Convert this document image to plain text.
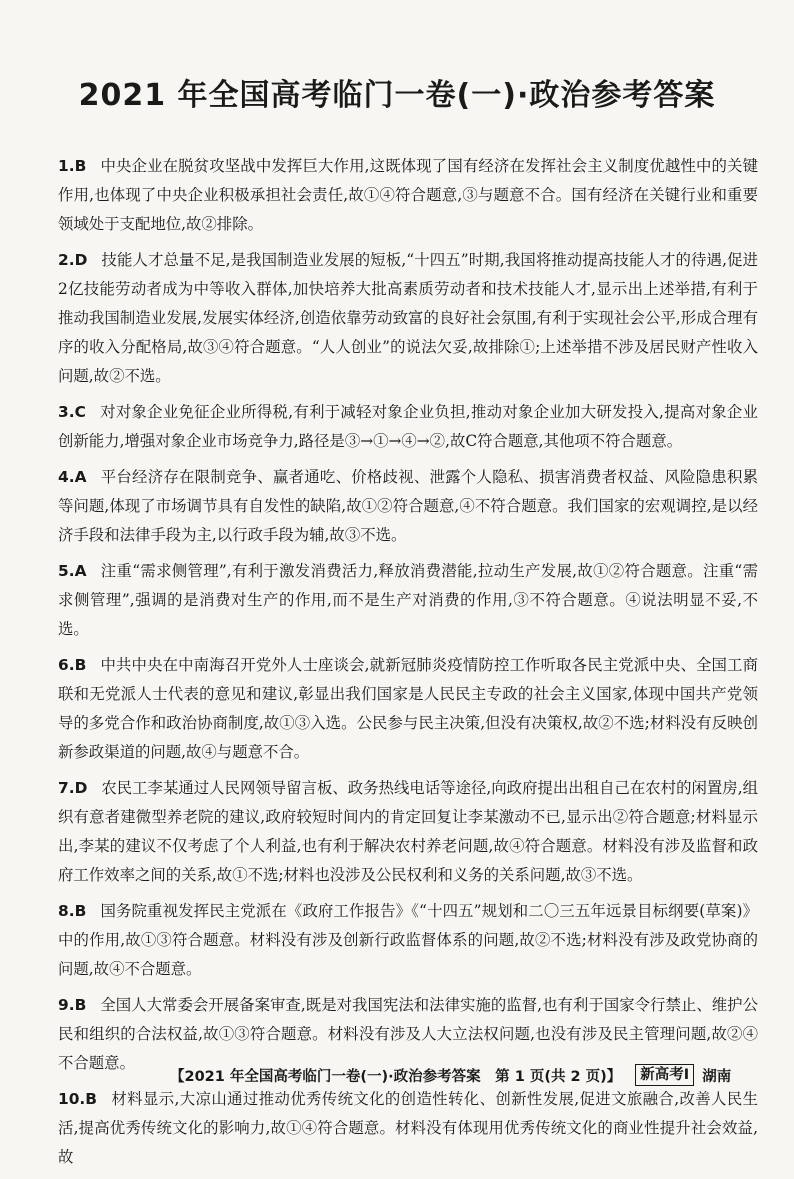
2021 年全国高考临门一卷(一)·政治参考答案
1.B 中央企业在脱贫攻坚战中发挥巨大作用,这既体现了国有经济在发挥社会主义制度优越性中的关键作用,也体现了中央企业积极承担社会责任,故①④符合题意,③与题意不合。国有经济在关键行业和重要领域处于支配地位,故②排除。
2.D 技能人才总量不足,是我国制造业发展的短板,“十四五”时期,我国将推动提高技能人才的待遇,促进2亿技能劳动者成为中等收入群体,加快培养大批高素质劳动者和技术技能人才,显示出上述举措,有利于推动我国制造业发展,发展实体经济,创造依靠劳动致富的良好社会氛围,有利于实现社会公平,形成合理有序的收入分配格局,故③④符合题意。“人人创业”的说法欠妥,故排除①;上述举措不涉及居民财产性收入问题,故②不选。
3.C 对对象企业免征企业所得税,有利于减轻对象企业负担,推动对象企业加大研发投入,提高对象企业创新能力,增强对象企业市场竞争力,路径是③→①→④→②,故C符合题意,其他项不符合题意。
4.A 平台经济存在限制竞争、赢者通吃、价格歧视、泄露个人隐私、损害消费者权益、风险隐患积累等问题,体现了市场调节具有自发性的缺陷,故①②符合题意,④不符合题意。我们国家的宏观调控,是以经济手段和法律手段为主,以行政手段为辅,故③不选。
5.A 注重“需求侧管理”,有利于激发消费活力,释放消费潜能,拉动生产发展,故①②符合题意。注重“需求侧管理”,强调的是消费对生产的作用,而不是生产对消费的作用,③不符合题意。④说法明显不妥,不选。
6.B 中共中央在中南海召开党外人士座谈会,就新冠肺炎疫情防控工作听取各民主党派中央、全国工商联和无党派人士代表的意见和建议,彰显出我们国家是人民民主专政的社会主义国家,体现中国共产党领导的多党合作和政治协商制度,故①③入选。公民参与民主决策,但没有决策权,故②不选;材料没有反映创新参政渠道的问题,故④与题意不合。
7.D 农民工李某通过人民网领导留言板、政务热线电话等途径,向政府提出出租自己在农村的闲置房,组织有意者建微型养老院的建议,政府较短时间内的肯定回复让李某激动不已,显示出②符合题意;材料显示出,李某的建议不仅考虑了个人利益,也有利于解决农村养老问题,故④符合题意。材料没有涉及监督和政府工作效率之间的关系,故①不选;材料也没涉及公民权利和义务的关系问题,故③不选。
8.B 国务院重视发挥民主党派在《政府工作报告》《“十四五”规划和二〇三五年远景目标纲要(草案)》中的作用,故①③符合题意。材料没有涉及创新行政监督体系的问题,故②不选;材料没有涉及政党协商的问题,故④不合题意。
9.B 全国人大常委会开展备案审查,既是对我国宪法和法律实施的监督,也有利于国家令行禁止、维护公民和组织的合法权益,故①③符合题意。材料没有涉及人大立法权问题,也没有涉及民主管理问题,故②④不合题意。
10.B 材料显示,大凉山通过推动优秀传统文化的创造性转化、创新性发展,促进文旅融合,改善人民生活,提高优秀传统文化的影响力,故①④符合题意。材料没有体现用优秀传统文化的商业性提升社会效益,故
【2021 年全国高考临门一卷(一)·政治参考答案　第 1 页(共 2 页)】	新高考Ⅰ 湖南
